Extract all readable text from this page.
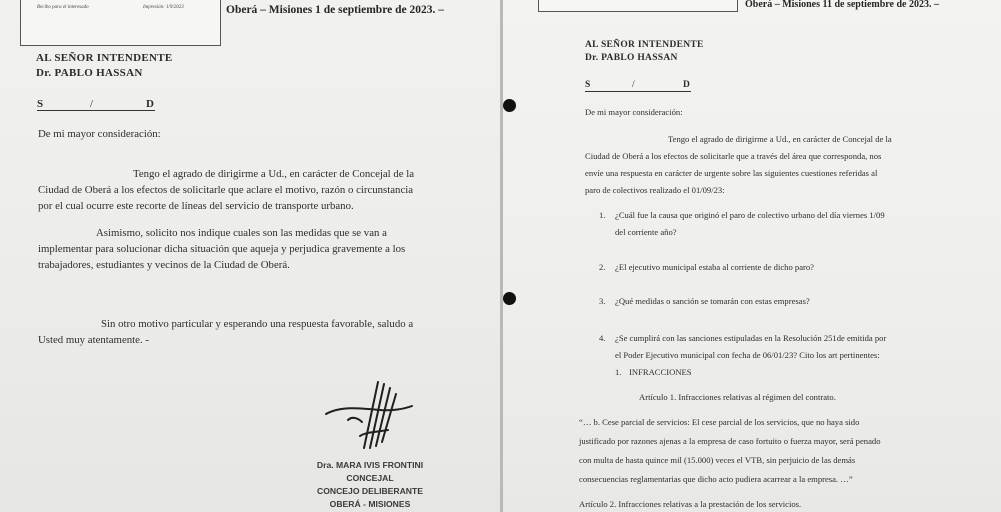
Recibo para el interesado	Impresión: 1/9/2023	Oberá – Misiones 1 de septiembre de 2023. –
AL SEÑOR INTENDENTE
Dr. PABLO HASSAN
S	/	D
De mi mayor consideración:
Tengo el agrado de dirigirme a Ud., en carácter de Concejal de la
Ciudad de Oberá a los efectos de solicitarle que aclare el motivo, razón o circunstancia
por el cual ocurre este recorte de líneas del servicio de transporte urbano.
Asimismo, solicito nos indique cuales son las medidas que se van a
implementar para solucionar dicha situación que aqueja y perjudica gravemente a los
trabajadores, estudiantes y vecinos de la Ciudad de Oberá.
Sin otro motivo particular y esperando una respuesta favorable, saludo a
Usted muy atentamente. -
Dra. MARA IVIS FRONTINI
CONCEJAL
CONCEJO DELIBERANTE
OBERÁ - MISIONES
Oberá – Misiones 11 de septiembre de 2023. –
AL SEÑOR INTENDENTE
Dr. PABLO HASSAN
S	/	D
De mi mayor consideración:
Tengo el agrado de dirigirme a Ud., en carácter de Concejal de la
Ciudad de Oberá a los efectos de solicitarle que a través del área que corresponda, nos
envíe una respuesta en carácter de urgente sobre las siguientes cuestiones referidas al
paro de colectivos realizado el 01/09/23:
1. ¿Cuál fue la causa que originó el paro de colectivo urbano del día viernes 1/09
del corriente año?
2. ¿El ejecutivo municipal estaba al corriente de dicho paro?
3. ¿Qué medidas o sanción se tomarán con estas empresas?
4. ¿Se cumplirá con las sanciones estipuladas en la Resolución 251de emitida por
el Poder Ejecutivo municipal con fecha de 06/01/23? Cito los art pertinentes:
1. INFRACCIONES
Artículo 1. Infracciones relativas al régimen del contrato.
“… b. Cese parcial de servicios: El cese parcial de los servicios, que no haya sido
justificado por razones ajenas a la empresa de caso fortuito o fuerza mayor, será penado
con multa de hasta quince mil (15.000) veces el VTB, sin perjuicio de las demás
consecuencias reglamentarias que dicho acto pudiera acarrear a la empresa. …”
Artículo 2. Infracciones relativas a la prestación de los servicios.
